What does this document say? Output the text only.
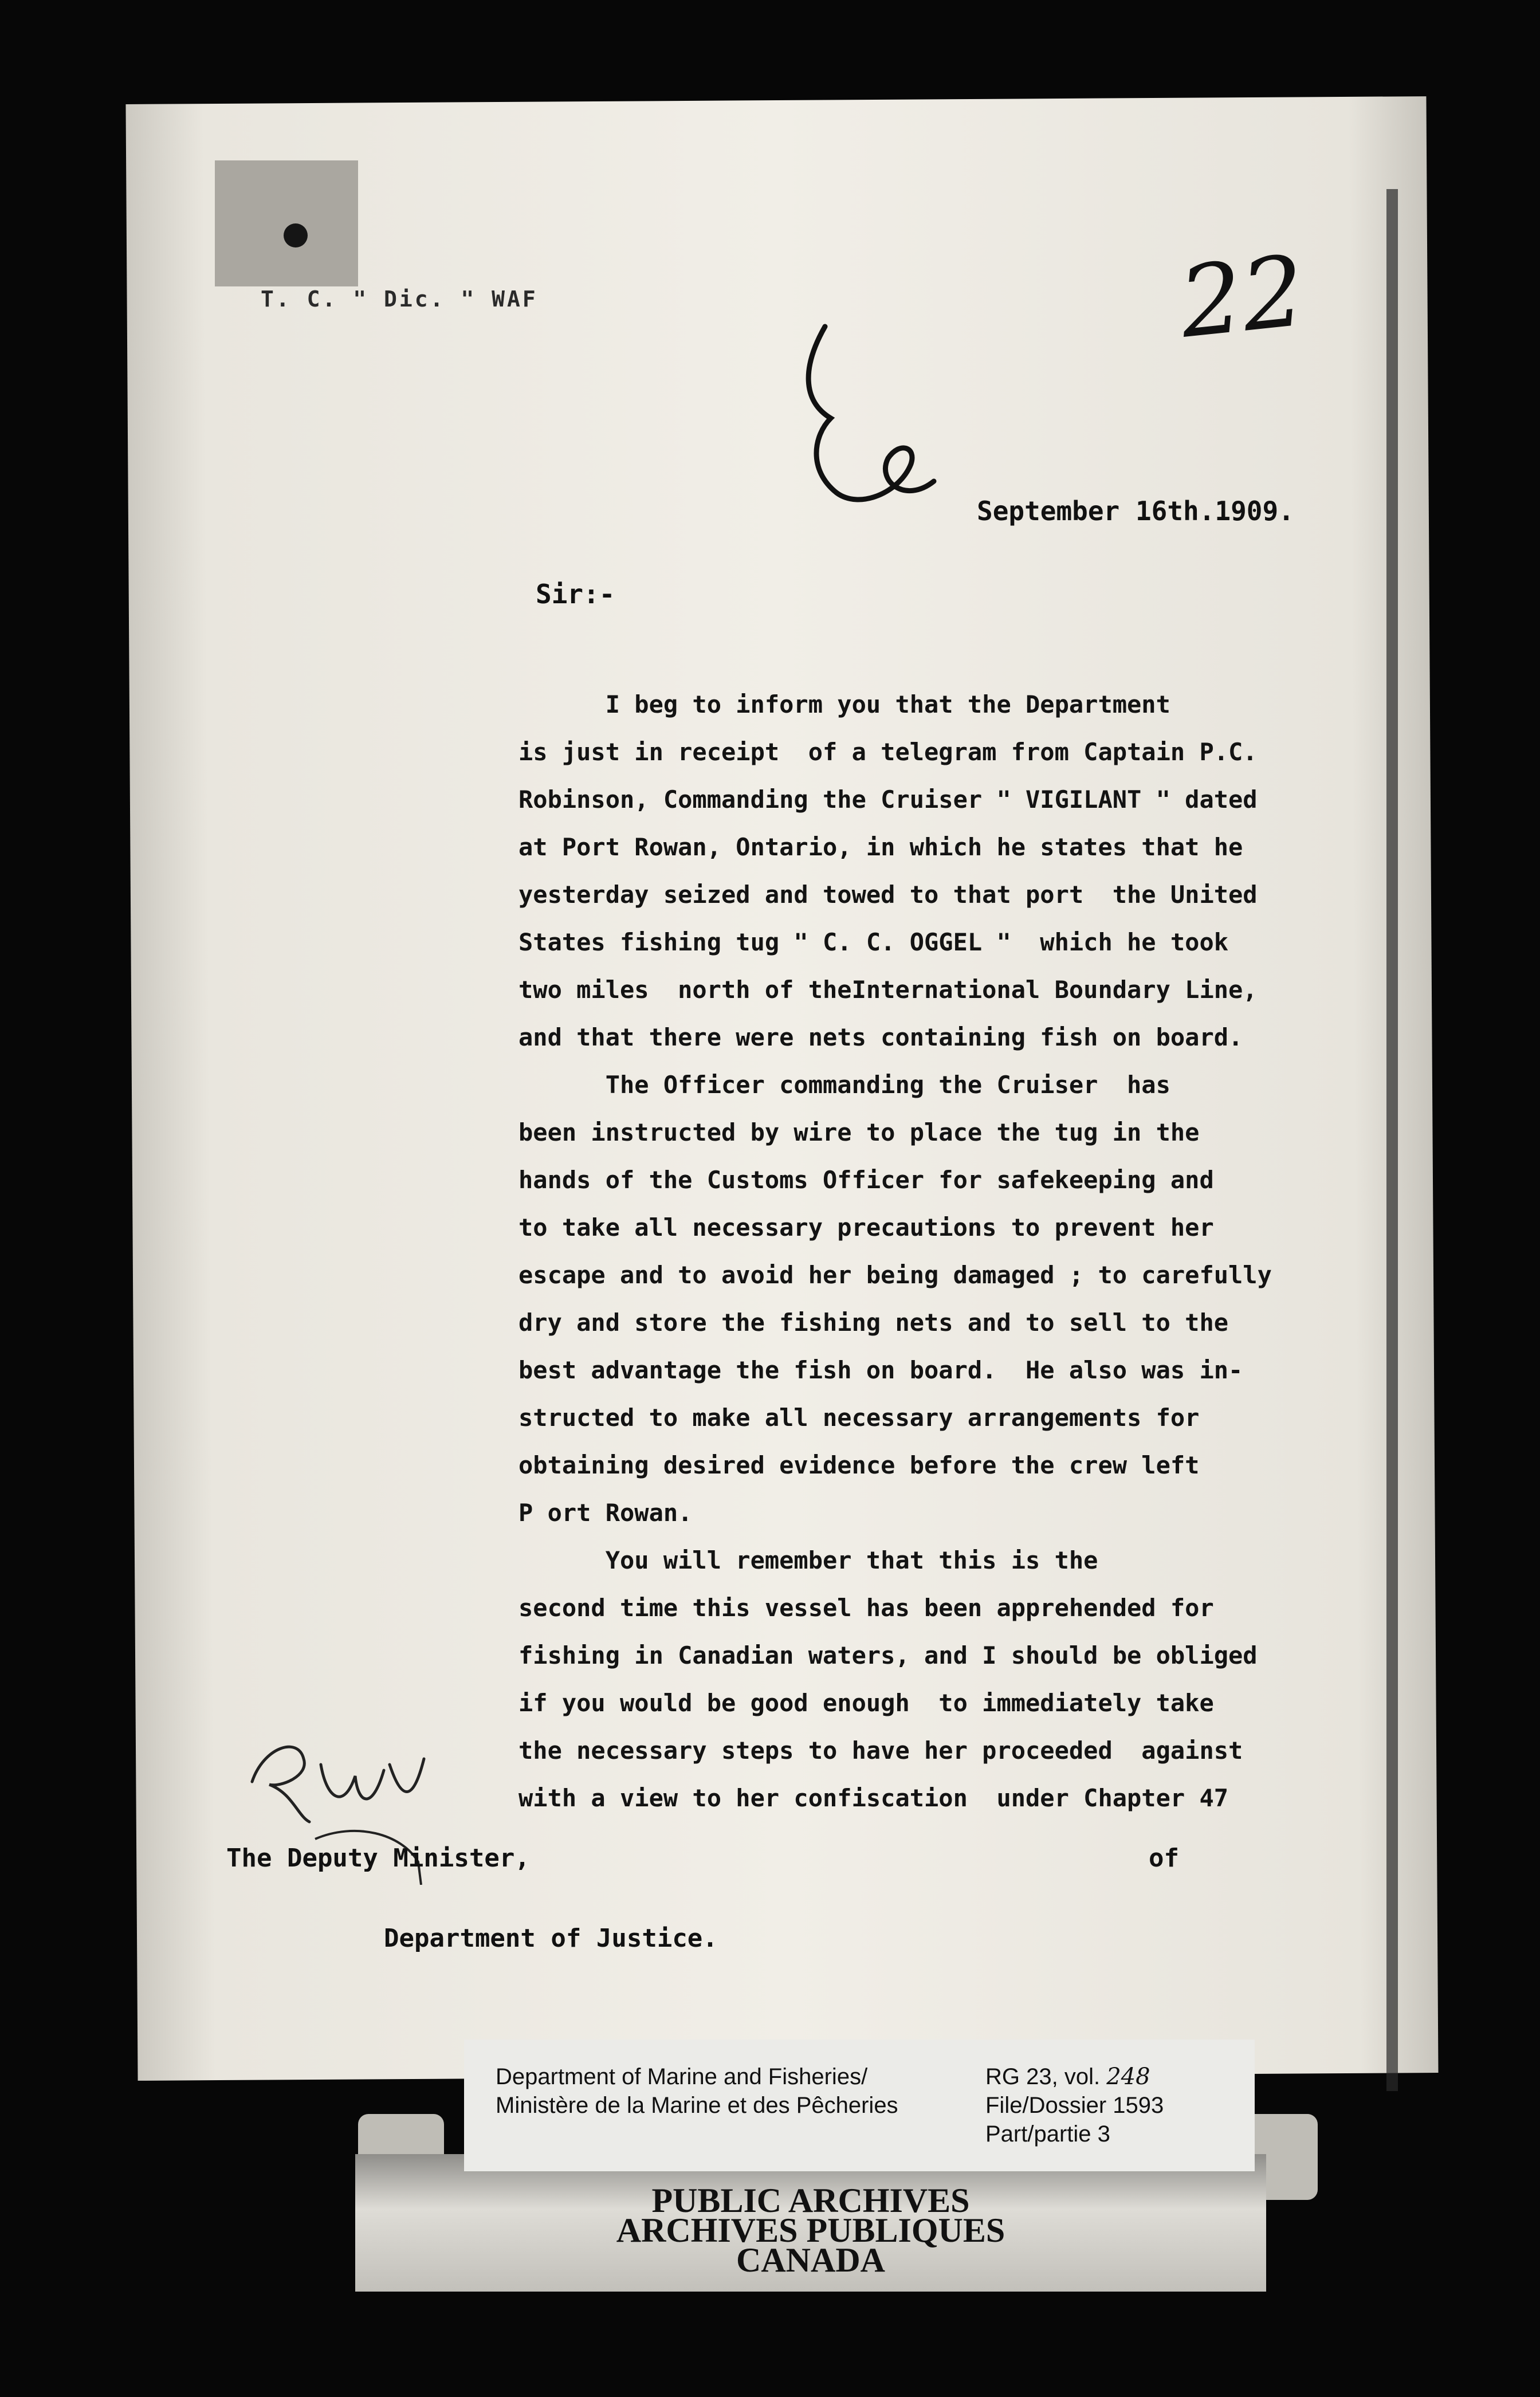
T. C. " Dic. " WAF	22
September 16th.1909.
Sir:-
I beg to inform you that the Department
is just in receipt  of a telegram from Captain P.C.
Robinson, Commanding the Cruiser " VIGILANT " dated
at Port Rowan, Ontario, in which he states that he
yesterday seized and towed to that port  the United
States fishing tug " C. C. OGGEL "  which he took
two miles  north of theInternational Boundary Line,
and that there were nets containing fish on board.
The Officer commanding the Cruiser  has
been instructed by wire to place the tug in the
hands of the Customs Officer for safekeeping and
to take all necessary precautions to prevent her
escape and to avoid her being damaged ; to carefully
dry and store the fishing nets and to sell to the
best advantage the fish on board.  He also was in-
structed to make all necessary arrangements for
obtaining desired evidence before the crew left
P ort Rowan.
You will remember that this is the
second time this vessel has been apprehended for
fishing in Canadian waters, and I should be obliged
if you would be good enough  to immediately take
the necessary steps to have her proceeded  against
with a view to her confiscation  under Chapter 47
The Deputy Minister,	of
Department of Justice.
Department of Marine and Fisheries/
Ministère de la Marine et des Pêcheries
RG 23, vol. 248
File/Dossier 1593
Part/partie 3
PUBLIC ARCHIVES
ARCHIVES PUBLIQUES
CANADA
